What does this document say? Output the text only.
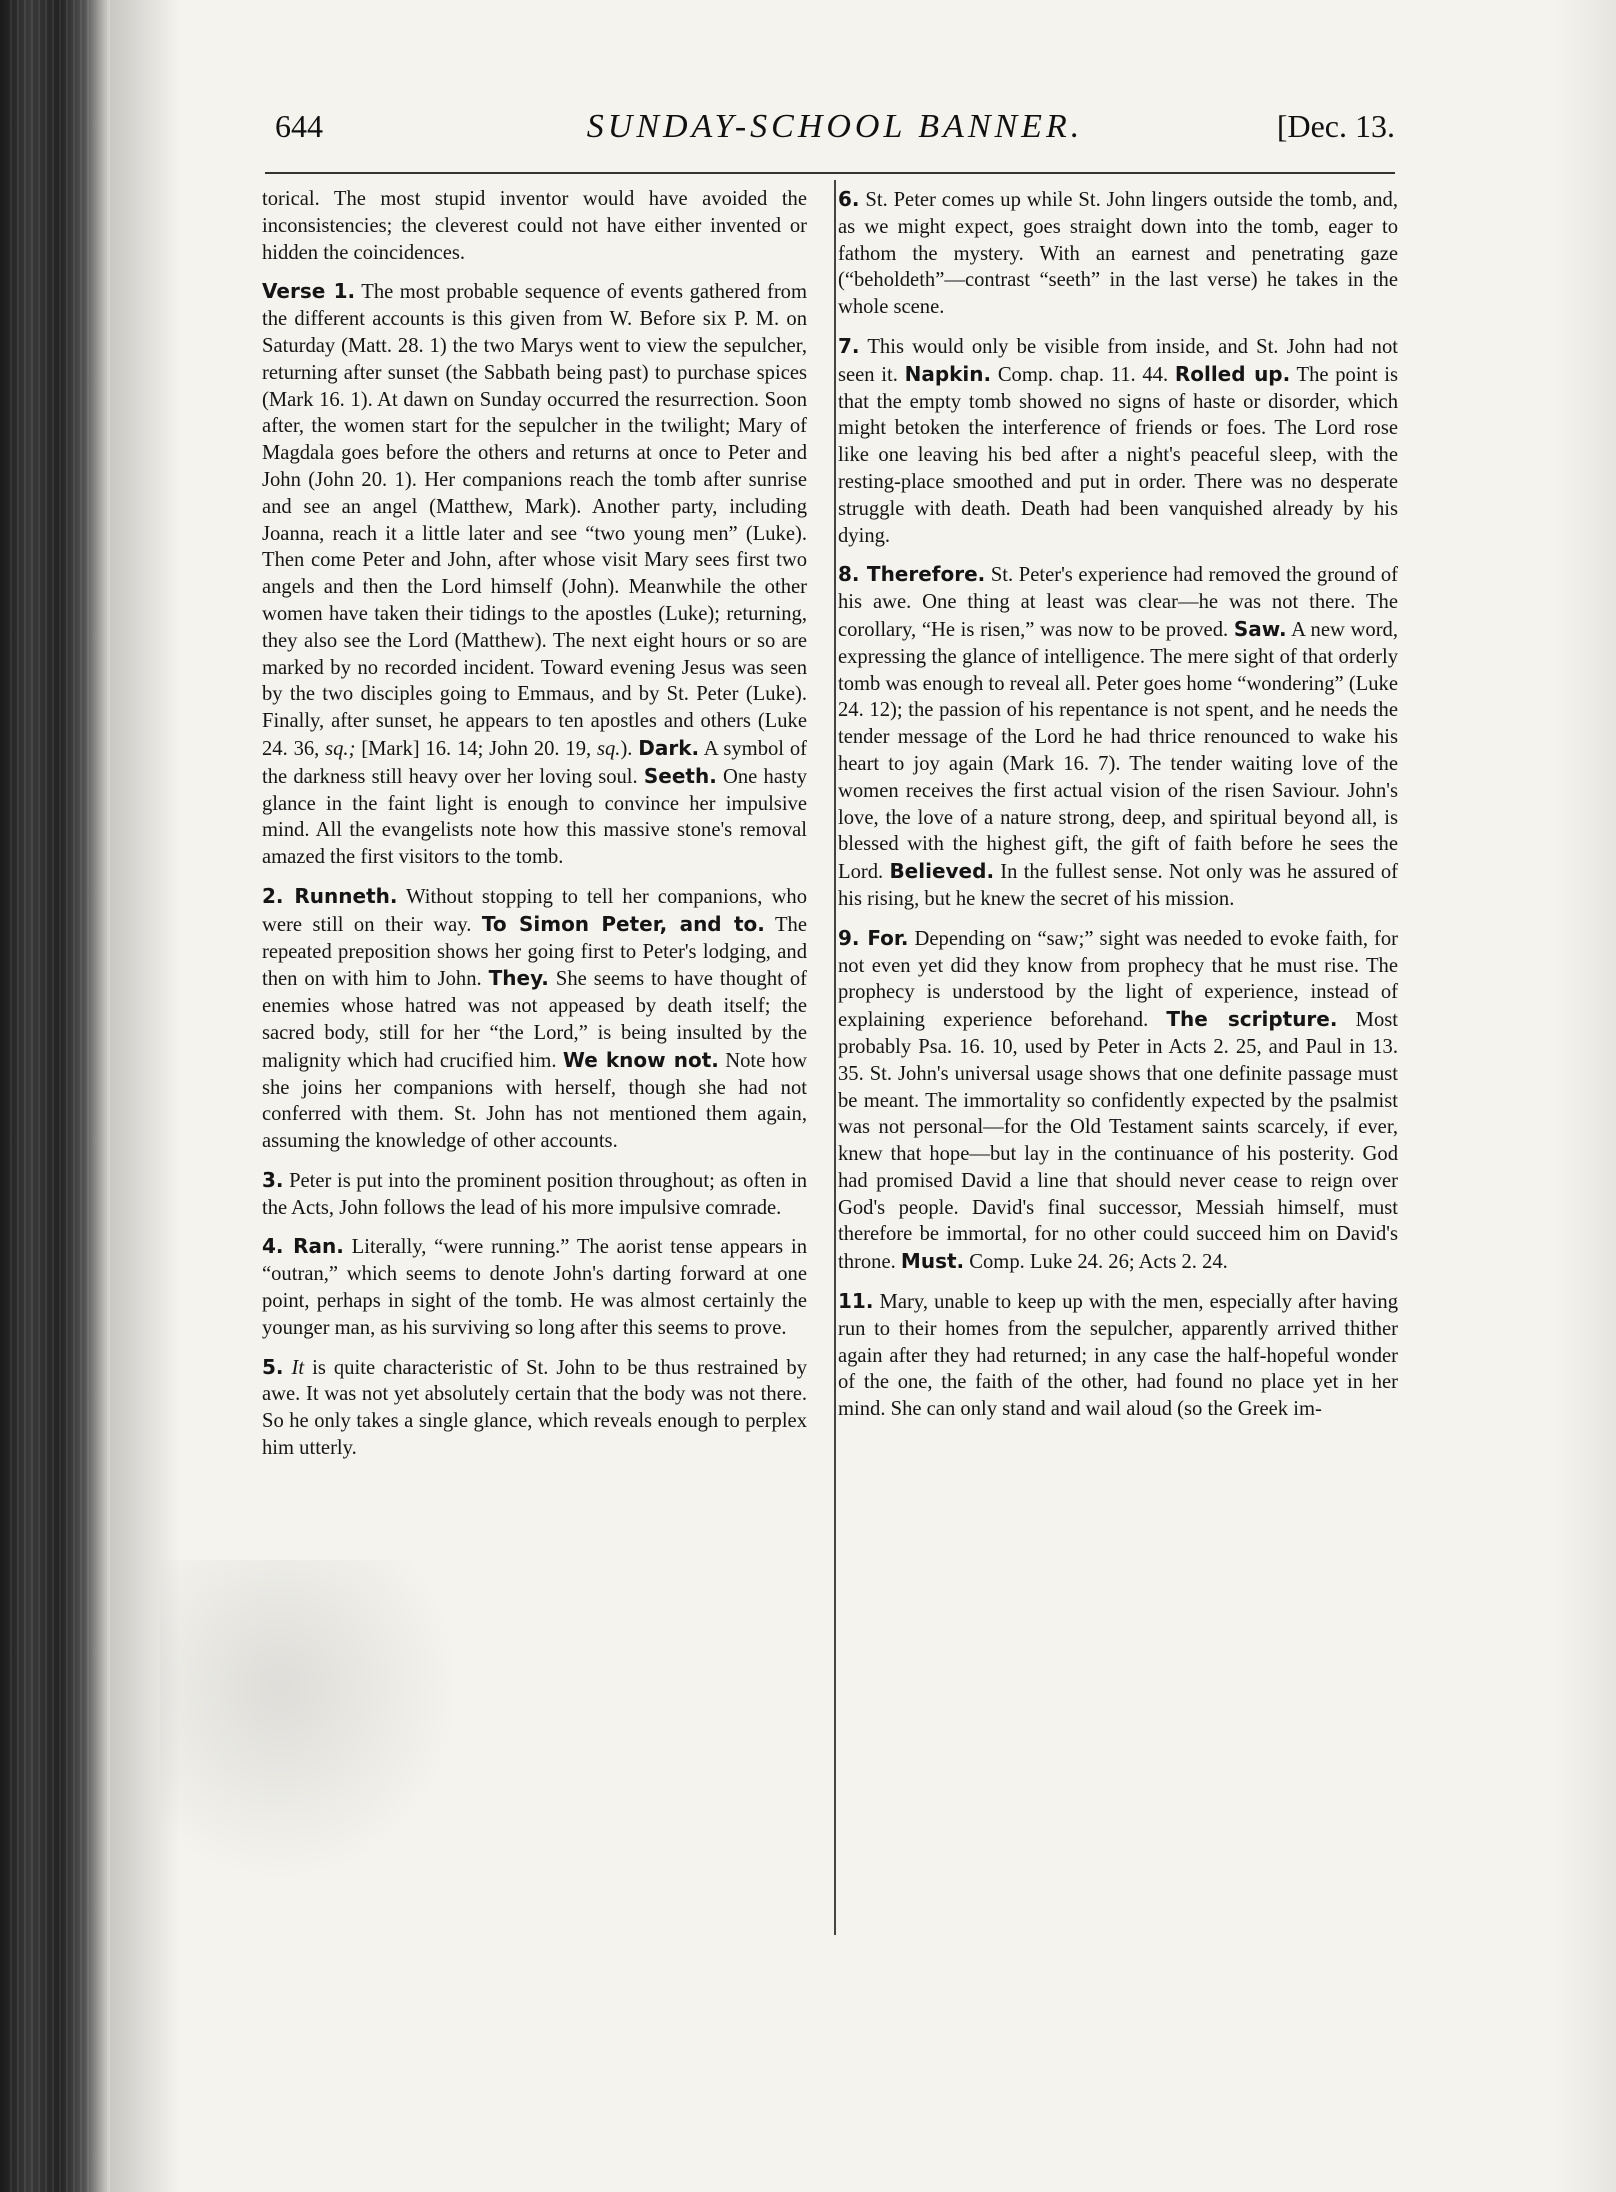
644	SUNDAY-SCHOOL BANNER.	[Dec. 13.

torical. The most stupid inventor would have avoided the inconsistencies; the cleverest could not have either invented or hidden the coincidences.

Verse 1. The most probable sequence of events gathered from the different accounts is this given from W. Before six P. M. on Saturday (Matt. 28. 1) the two Marys went to view the sepulcher, returning after sunset (the Sabbath being past) to purchase spices (Mark 16. 1). At dawn on Sunday occurred the resurrection. Soon after, the women start for the sepulcher in the twilight; Mary of Magdala goes before the others and returns at once to Peter and John (John 20. 1). Her companions reach the tomb after sunrise and see an angel (Matthew, Mark). Another party, including Joanna, reach it a little later and see “two young men” (Luke). Then come Peter and John, after whose visit Mary sees first two angels and then the Lord himself (John). Meanwhile the other women have taken their tidings to the apostles (Luke); returning, they also see the Lord (Matthew). The next eight hours or so are marked by no recorded incident. Toward evening Jesus was seen by the two disciples going to Emmaus, and by St. Peter (Luke). Finally, after sunset, he appears to ten apostles and others (Luke 24. 36, sq.; [Mark] 16. 14; John 20. 19, sq.). Dark. A symbol of the darkness still heavy over her loving soul. Seeth. One hasty glance in the faint light is enough to convince her impulsive mind. All the evangelists note how this massive stone's removal amazed the first visitors to the tomb.

2. Runneth. Without stopping to tell her companions, who were still on their way. To Simon Peter, and to. The repeated preposition shows her going first to Peter's lodging, and then on with him to John. They. She seems to have thought of enemies whose hatred was not appeased by death itself; the sacred body, still for her “the Lord,” is being insulted by the malignity which had crucified him. We know not. Note how she joins her companions with herself, though she had not conferred with them. St. John has not mentioned them again, assuming the knowledge of other accounts.

3. Peter is put into the prominent position throughout; as often in the Acts, John follows the lead of his more impulsive comrade.

4. Ran. Literally, “were running.” The aorist tense appears in “outran,” which seems to denote John's darting forward at one point, perhaps in sight of the tomb. He was almost certainly the younger man, as his surviving so long after this seems to prove.

5. It is quite characteristic of St. John to be thus restrained by awe. It was not yet absolutely certain that the body was not there. So he only takes a single glance, which reveals enough to perplex him utterly.

6. St. Peter comes up while St. John lingers outside the tomb, and, as we might expect, goes straight down into the tomb, eager to fathom the mystery. With an earnest and penetrating gaze (“beholdeth”—contrast “seeth” in the last verse) he takes in the whole scene.

7. This would only be visible from inside, and St. John had not seen it. Napkin. Comp. chap. 11. 44. Rolled up. The point is that the empty tomb showed no signs of haste or disorder, which might betoken the interference of friends or foes. The Lord rose like one leaving his bed after a night's peaceful sleep, with the resting-place smoothed and put in order. There was no desperate struggle with death. Death had been vanquished already by his dying.

8. Therefore. St. Peter's experience had removed the ground of his awe. One thing at least was clear—he was not there. The corollary, “He is risen,” was now to be proved. Saw. A new word, expressing the glance of intelligence. The mere sight of that orderly tomb was enough to reveal all. Peter goes home “wondering” (Luke 24. 12); the passion of his repentance is not spent, and he needs the tender message of the Lord he had thrice renounced to wake his heart to joy again (Mark 16. 7). The tender waiting love of the women receives the first actual vision of the risen Saviour. John's love, the love of a nature strong, deep, and spiritual beyond all, is blessed with the highest gift, the gift of faith before he sees the Lord. Believed. In the fullest sense. Not only was he assured of his rising, but he knew the secret of his mission.

9. For. Depending on “saw;” sight was needed to evoke faith, for not even yet did they know from prophecy that he must rise. The prophecy is understood by the light of experience, instead of explaining experience beforehand. The scripture. Most probably Psa. 16. 10, used by Peter in Acts 2. 25, and Paul in 13. 35. St. John's universal usage shows that one definite passage must be meant. The immortality so confidently expected by the psalmist was not personal—for the Old Testament saints scarcely, if ever, knew that hope—but lay in the continuance of his posterity. God had promised David a line that should never cease to reign over God's people. David's final successor, Messiah himself, must therefore be immortal, for no other could succeed him on David's throne. Must. Comp. Luke 24. 26; Acts 2. 24.

11. Mary, unable to keep up with the men, especially after having run to their homes from the sepulcher, apparently arrived thither again after they had returned; in any case the half-hopeful wonder of the one, the faith of the other, had found no place yet in her mind. She can only stand and wail aloud (so the Greek im-
